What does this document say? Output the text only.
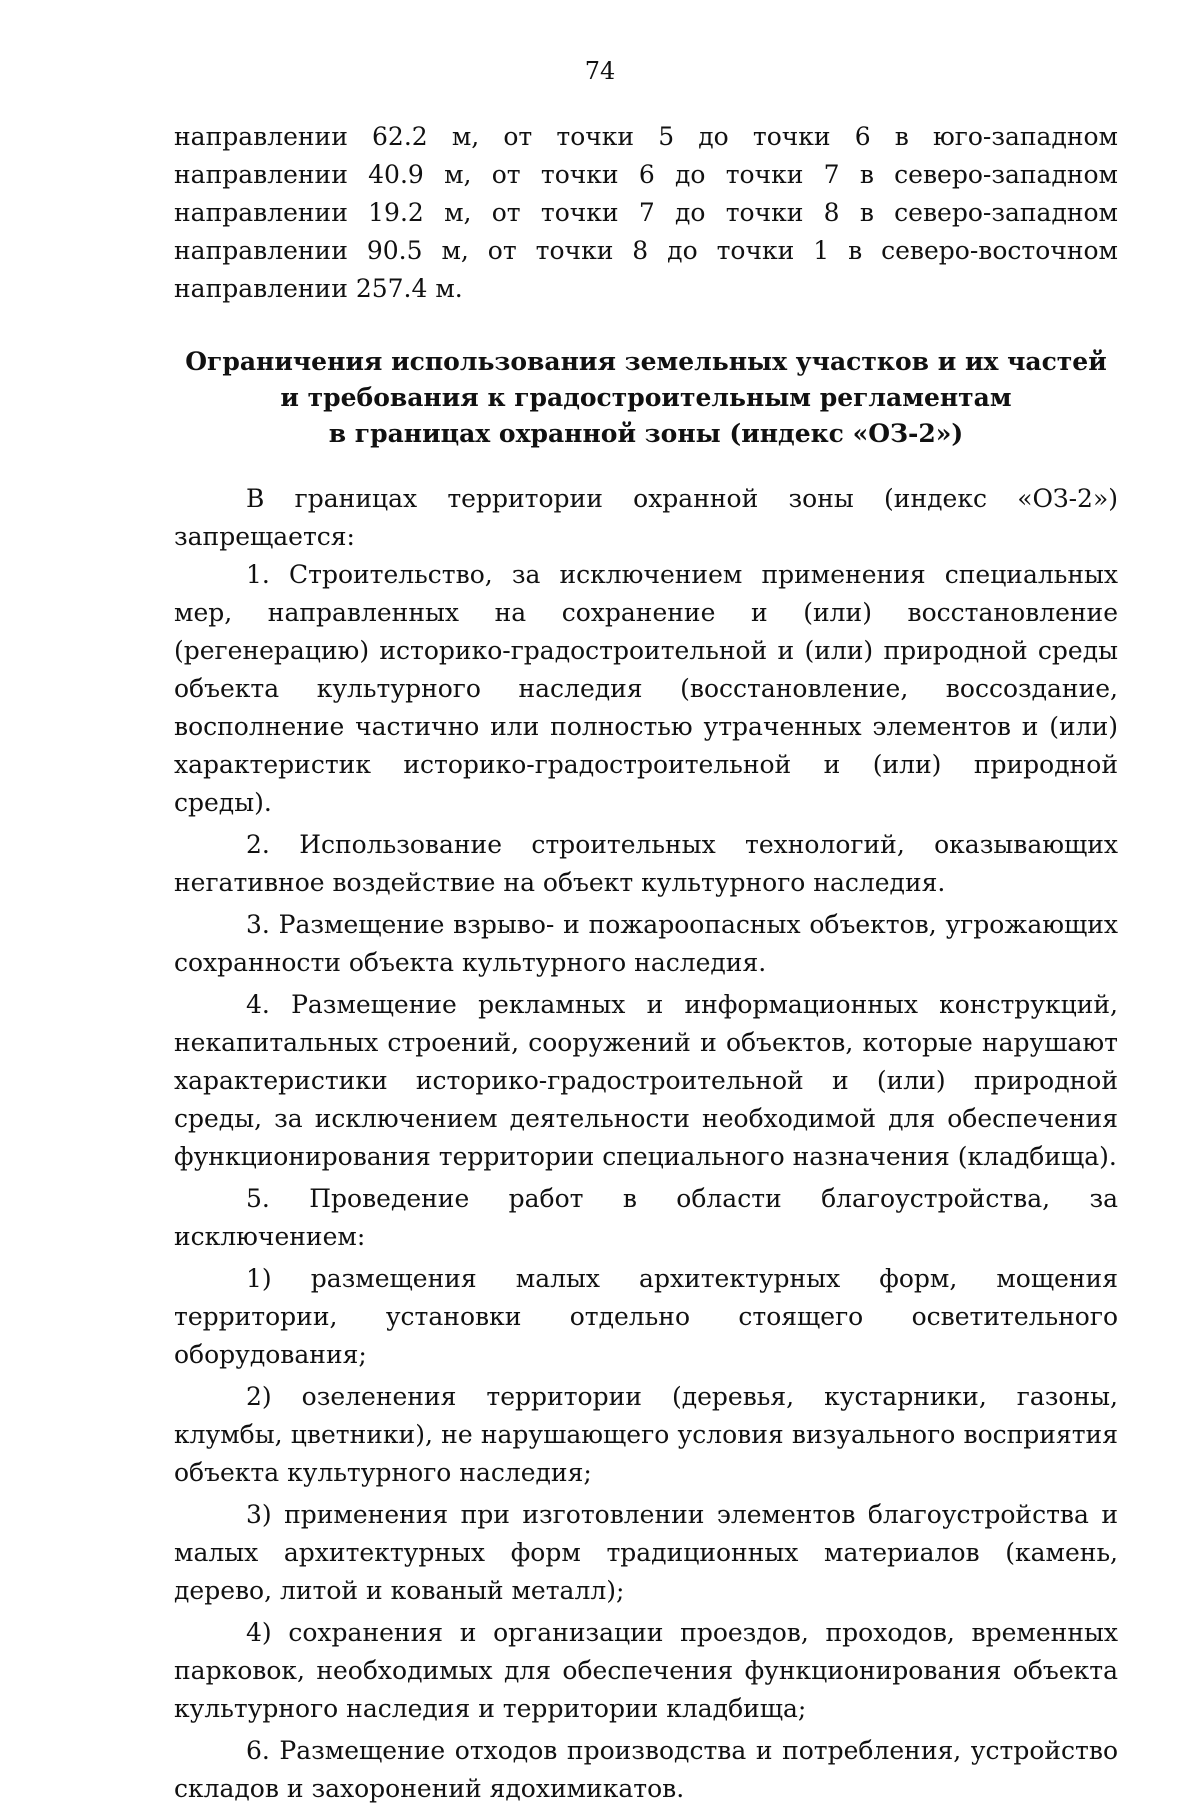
74

направлении 62.2 м, от точки 5 до точки 6 в юго-западном направлении 40.9 м, от точки 6 до точки 7 в северо-западном направлении 19.2 м, от точки 7 до точки 8 в северо-западном направлении 90.5 м, от точки 8 до точки 1 в северо-восточном направлении 257.4 м.

Ограничения использования земельных участков и их частей
и требования к градостроительным регламентам
в границах охранной зоны (индекс «ОЗ-2»)

В границах территории охранной зоны (индекс «ОЗ-2») запрещается:

1. Строительство, за исключением применения специальных мер, направленных на сохранение и (или) восстановление (регенерацию) историко-градостроительной и (или) природной среды объекта культурного наследия (восстановление, воссоздание, восполнение частично или полностью утраченных элементов и (или) характеристик историко-градостроительной и (или) природной среды).

2. Использование строительных технологий, оказывающих негативное воздействие на объект культурного наследия.

3. Размещение взрыво- и пожароопасных объектов, угрожающих сохранности объекта культурного наследия.

4. Размещение рекламных и информационных конструкций, некапитальных строений, сооружений и объектов, которые нарушают характеристики историко-градостроительной и (или) природной среды, за исключением деятельности необходимой для обеспечения функционирования территории специального назначения (кладбища).

5. Проведение работ в области благоустройства, за исключением:

1) размещения малых архитектурных форм, мощения территории, установки отдельно стоящего осветительного оборудования;

2) озеленения территории (деревья, кустарники, газоны, клумбы, цветники), не нарушающего условия визуального восприятия объекта культурного наследия;

3) применения при изготовлении элементов благоустройства и малых архитектурных форм традиционных материалов (камень, дерево, литой и кованый металл);

4) сохранения и организации проездов, проходов, временных парковок, необходимых для обеспечения функционирования объекта культурного наследия и территории кладбища;

6. Размещение отходов производства и потребления, устройство складов и захоронений ядохимикатов.
